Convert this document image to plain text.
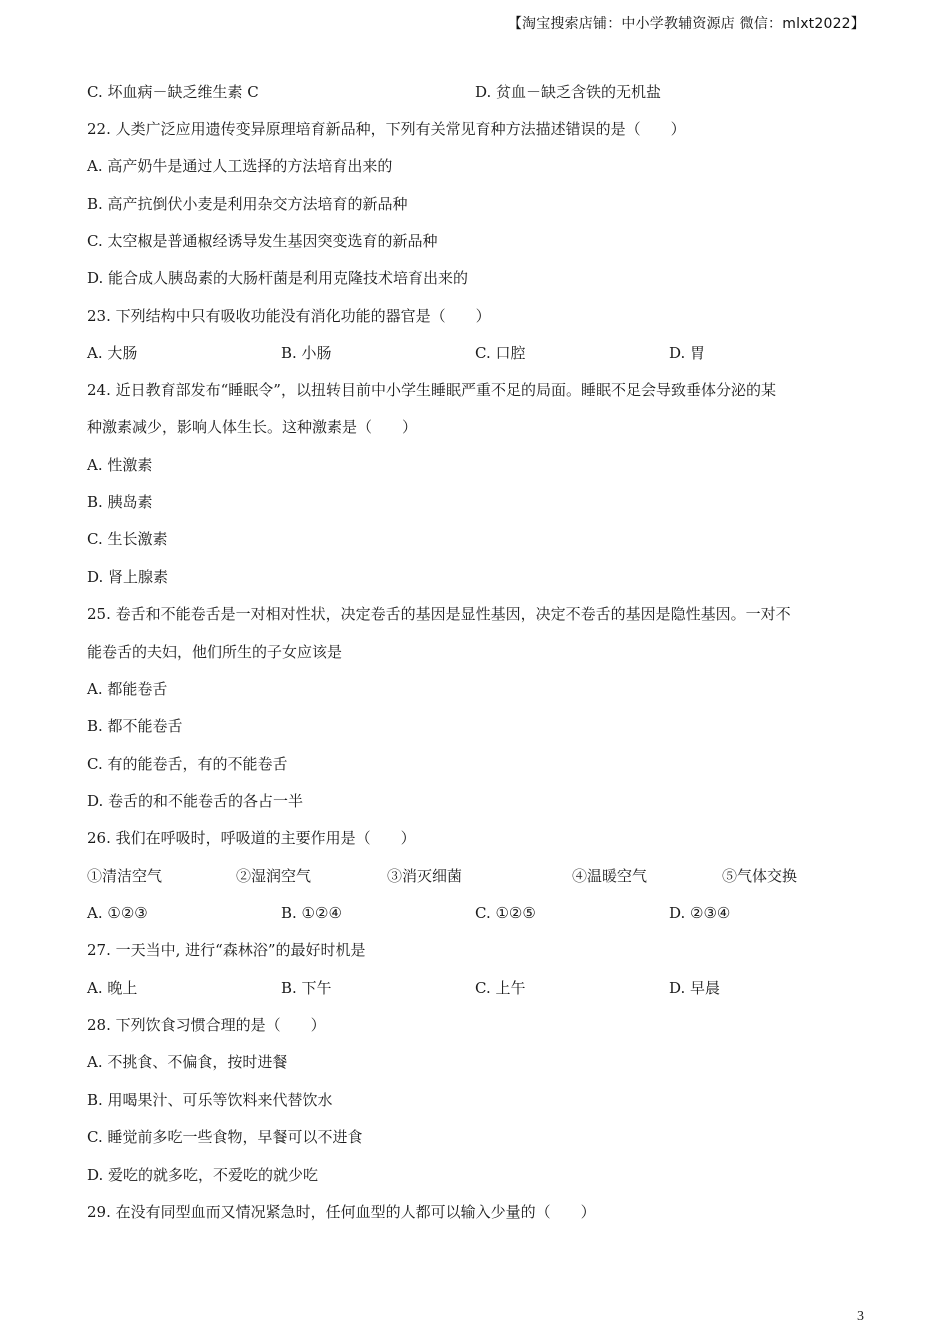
【淘宝搜索店铺：中小学教辅资源店 微信：mlxt2022】
C. 坏血病－缺乏维生素 C	D. 贫血－缺乏含铁的无机盐
22. 人类广泛应用遗传变异原理培育新品种，下列有关常见育种方法描述错误的是（　　）
A. 高产奶牛是通过人工选择的方法培育出来的
B. 高产抗倒伏小麦是利用杂交方法培育的新品种
C. 太空椒是普通椒经诱导发生基因突变选育的新品种
D. 能合成人胰岛素的大肠杆菌是利用克隆技术培育出来的
23. 下列结构中只有吸收功能没有消化功能的器官是（　　）
A. 大肠	B. 小肠	C. 口腔	D. 胃
24. 近日教育部发布“睡眠令”，以扭转目前中小学生睡眠严重不足的局面。睡眠不足会导致垂体分泌的某
种激素减少，影响人体生长。这种激素是（　　）
A. 性激素
B. 胰岛素
C. 生长激素
D. 肾上腺素
25. 卷舌和不能卷舌是一对相对性状，决定卷舌的基因是显性基因，决定不卷舌的基因是隐性基因。一对不
能卷舌的夫妇，他们所生的子女应该是
A. 都能卷舌
B. 都不能卷舌
C. 有的能卷舌，有的不能卷舌
D. 卷舌的和不能卷舌的各占一半
26. 我们在呼吸时，呼吸道的主要作用是（　　）
①清洁空气	②湿润空气	③消灭细菌	④温暖空气	⑤气体交换
A. ①②③	B. ①②④	C. ①②⑤	D. ②③④
27. 一天当中, 进行“森林浴”的最好时机是
A. 晚上	B. 下午	C. 上午	D. 早晨
28. 下列饮食习惯合理的是（　　）
A. 不挑食、不偏食，按时进餐
B. 用喝果汁、可乐等饮料来代替饮水
C. 睡觉前多吃一些食物，早餐可以不进食
D. 爱吃的就多吃，不爱吃的就少吃
29. 在没有同型血而又情况紧急时，任何血型的人都可以输入少量的（　　）
3
